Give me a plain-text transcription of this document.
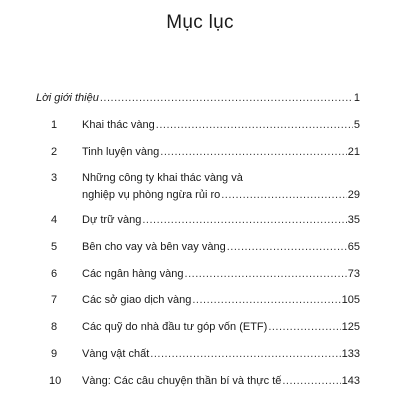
Mục lục
Lời giới thiệu .....	1
1 Khai thác vàng .....	5
2 Tinh luyện vàng .....	21
3 Những công ty khai thác vàng và
nghiệp vụ phòng ngừa rủi ro .....	29
4 Dự trữ vàng .....	35
5 Bên cho vay và bên vay vàng .....	65
6 Các ngân hàng vàng .....	73
7 Các sở giao dịch vàng .....	105
8 Các quỹ do nhà đầu tư góp vốn (ETF) .....	125
9 Vàng vật chất .....	133
10 Vàng: Các câu chuyện thần bí và thực tế .....	143
